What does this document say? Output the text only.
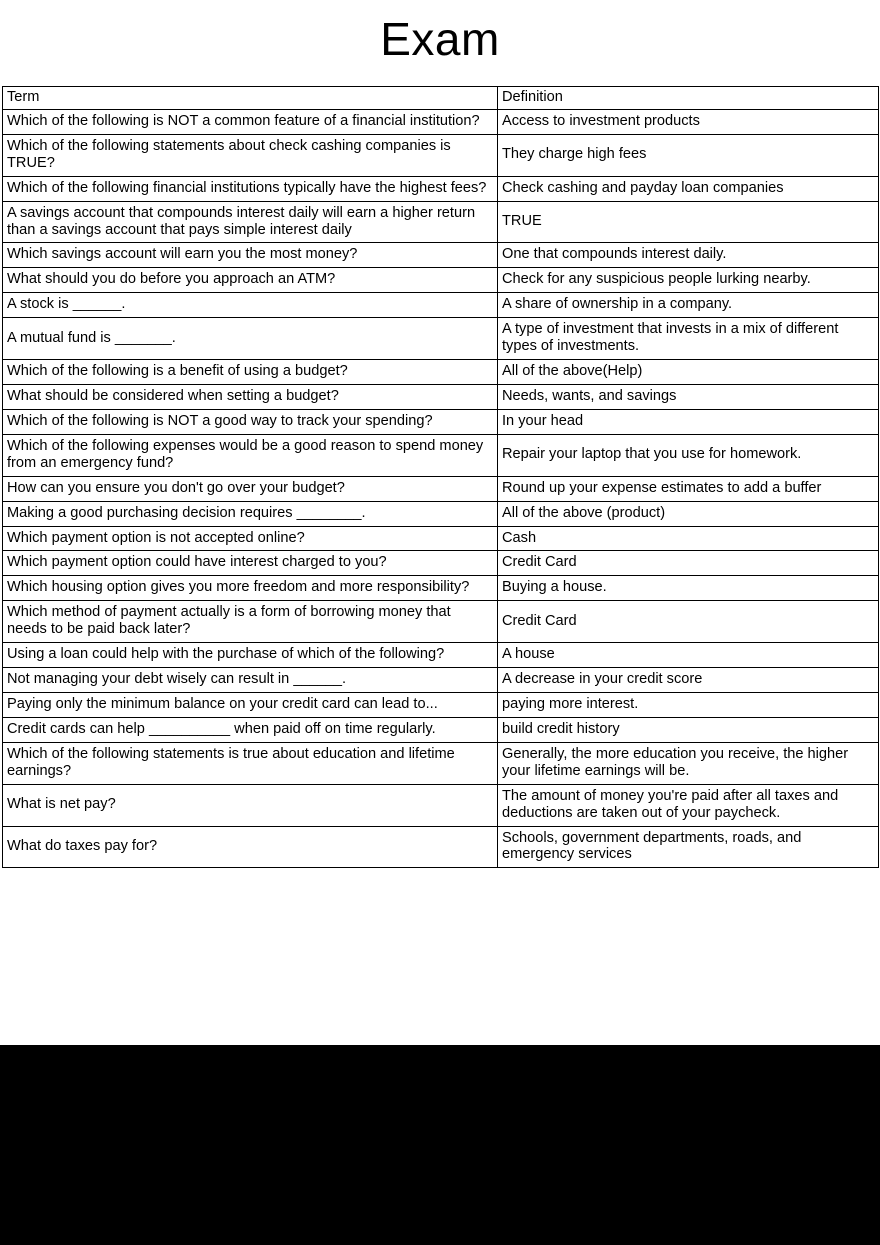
Exam
Term	Definition
Which of the following is NOT a common feature of a financial institution?	Access to investment products
Which of the following statements about check cashing companies is TRUE?	They charge high fees
Which of the following financial institutions typically have the highest fees?	Check cashing and payday loan companies
A savings account that compounds interest daily will earn a higher return than a savings account that pays simple interest daily	TRUE
Which savings account will earn you the most money?	One that compounds interest daily.
What should you do before you approach an ATM?	Check for any suspicious people lurking nearby.
A stock is ______.	A share of ownership in a company.
A mutual fund is _______.	A type of investment that invests in a mix of different types of investments.
Which of the following is a benefit of using a budget?	All of the above(Help)
What should be considered when setting a budget?	Needs, wants, and savings
Which of the following is NOT a good way to track your spending?	In your head
Which of the following expenses would be a good reason to spend money from an emergency fund?	Repair your laptop that you use for homework.
How can you ensure you don't go over your budget?	Round up your expense estimates to add a buffer
Making a good purchasing decision requires ________.	All of the above (product)
Which payment option is not accepted online?	Cash
Which payment option could have interest charged to you?	Credit Card
Which housing option gives you more freedom and more responsibility?	Buying a house.
Which method of payment actually is a form of borrowing money that needs to be paid back later?	Credit Card
Using a loan could help with the purchase of which of the following?	A house
Not managing your debt wisely can result in ______.	A decrease in your credit score
Paying only the minimum balance on your credit card can lead to...	paying more interest.
Credit cards can help __________ when paid off on time regularly.	build credit history
Which of the following statements is true about education and lifetime earnings?	Generally, the more education you receive, the higher your lifetime earnings will be.
What is net pay?	The amount of money you're paid after all taxes and deductions are taken out of your paycheck.
What do taxes pay for?	Schools, government departments, roads, and emergency services
